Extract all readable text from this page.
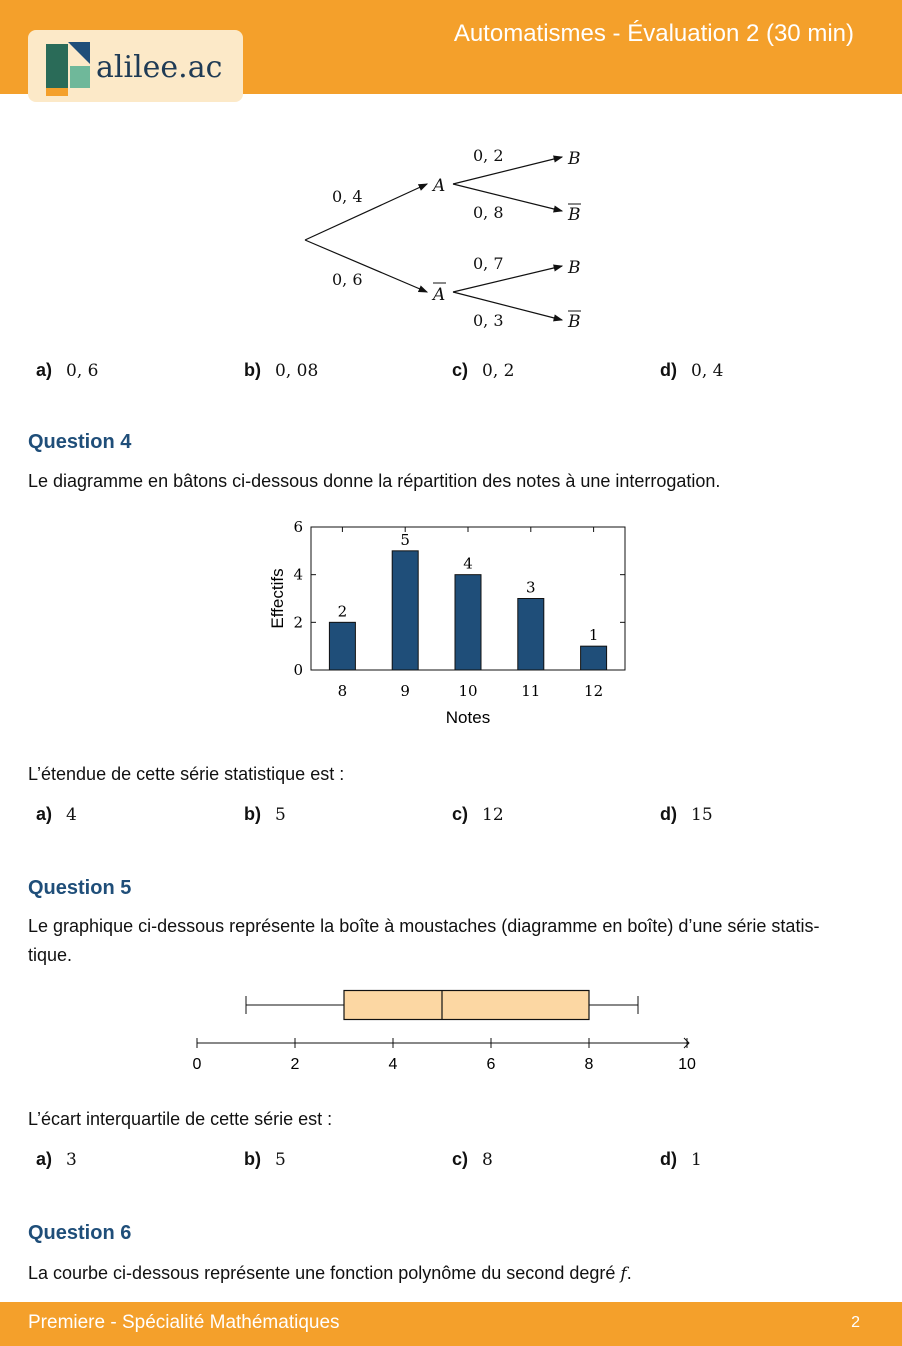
alilee.ac
Automatismes - Évaluation 2 (30 min)
0, 4
0, 6
0, 2
0, 8
0, 7
0, 3
A
A
B
B
B
B
a) 0, 6	b) 0, 08	c) 0, 2	d) 0, 4
Question 4
Le diagramme en bâtons ci-dessous donne la répartition des notes à une interrogation.
0
2
4
6
2
8
5
9
4
10
3
11
1
12
Notes
Effectifs
L’étendue de cette série statistique est :
a) 4	b) 5	c) 12	d) 15
Question 5
Le graphique ci-dessous représente la boîte à moustaches (diagramme en boîte) d’une série statis-
tique.
0	2	4	6	8	10
L’écart interquartile de cette série est :
a) 3	b) 5	c) 8	d) 1
Question 6
La courbe ci-dessous représente une fonction polynôme du second degré f.
Premiere - Spécialité Mathématiques	2
